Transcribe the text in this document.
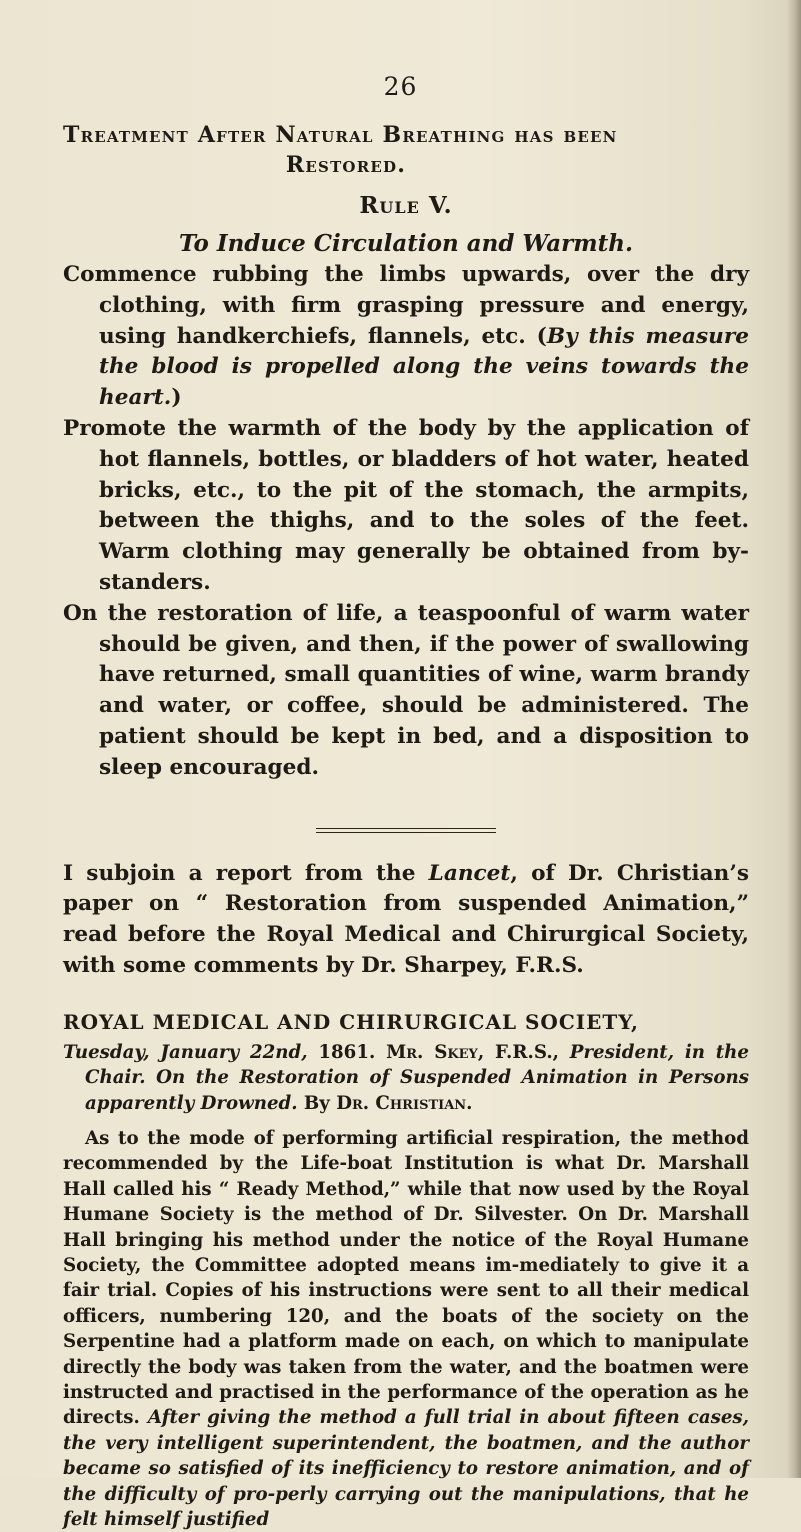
26
Treatment After Natural Breathing has been
Restored.
Rule V.
To Induce Circulation and Warmth.

Commence rubbing the limbs upwards, over the dry clothing, with firm grasping pressure and energy, using handkerchiefs, flannels, etc. (By this measure the blood is propelled along the veins towards the heart.)

Promote the warmth of the body by the application of hot flannels, bottles, or bladders of hot water, heated bricks, etc., to the pit of the stomach, the armpits, between the thighs, and to the soles of the feet. Warm clothing may generally be obtained from by-standers.

On the restoration of life, a teaspoonful of warm water should be given, and then, if the power of swallowing have returned, small quantities of wine, warm brandy and water, or coffee, should be administered. The patient should be kept in bed, and a disposition to sleep encouraged.

I subjoin a report from the Lancet, of Dr. Christian’s paper on “ Restoration from suspended Animation,” read before the Royal Medical and Chirurgical Society, with some comments by Dr. Sharpey, F.R.S.

ROYAL MEDICAL AND CHIRURGICAL SOCIETY,

Tuesday, January 22nd, 1861. Mr. Skey, F.R.S., President, in the Chair. On the Restoration of Suspended Animation in Persons apparently Drowned. By Dr. Christian.

As to the mode of performing artificial respiration, the method recommended by the Life-boat Institution is what Dr. Marshall Hall called his “ Ready Method,” while that now used by the Royal Humane Society is the method of Dr. Silvester. On Dr. Marshall Hall bringing his method under the notice of the Royal Humane Society, the Committee adopted means im-mediately to give it a fair trial. Copies of his instructions were sent to all their medical officers, numbering 120, and the boats of the society on the Serpentine had a platform made on each, on which to manipulate directly the body was taken from the water, and the boatmen were instructed and practised in the performance of the operation as he directs. After giving the method a full trial in about fifteen cases, the very intelligent superintendent, the boatmen, and the author became so satisfied of its inefficiency to restore animation, and of the difficulty of pro-perly carrying out the manipulations, that he felt himself justified
